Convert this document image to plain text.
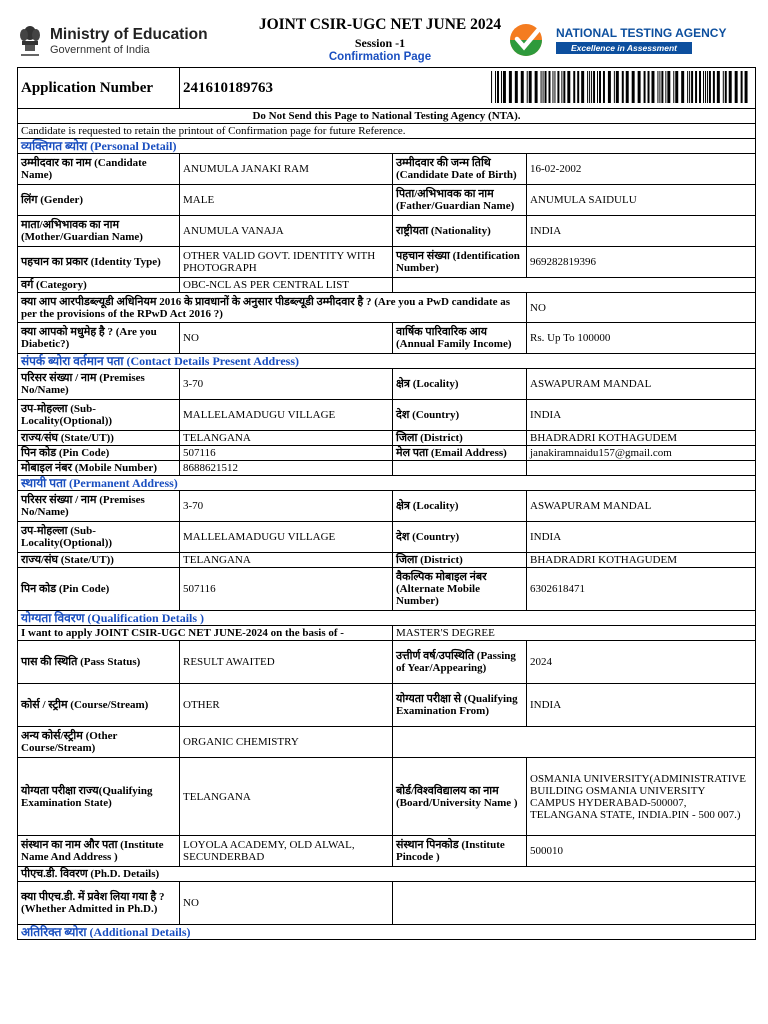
Ministry of Education
Government of India
JOINT CSIR-UGC NET JUNE 2024
Session -1
Confirmation Page
NATIONAL TESTING AGENCY
Excellence in Assessment
Application Number	241610189763	
Do Not Send this Page to National Testing Agency (NTA).			
Candidate is requested to retain the printout of Confirmation page for future Reference.			
व्यक्तिगत ब्योरा (Personal Detail)			
उम्मीदवार का नाम (Candidate Name)	ANUMULA JANAKI RAM	उम्मीदवार की जन्म तिथि (Candidate Date of Birth)	16-02-2002
लिंग (Gender)	MALE	पिता/अभिभावक का नाम (Father/Guardian Name)	ANUMULA SAIDULU
माता/अभिभावक का नाम (Mother/Guardian Name)	ANUMULA VANAJA	राष्ट्रीयता (Nationality)	INDIA
पहचान का प्रकार (Identity Type)	OTHER VALID GOVT. IDENTITY WITH PHOTOGRAPH	पहचान संख्या (Identification Number)	969282819396
वर्ग (Category)	OBC-NCL AS PER CENTRAL LIST		
क्या आप आरपीडब्ल्यूडी अधिनियम 2016 के प्रावधानों के अनुसार पीडब्ल्यूडी उम्मीदवार है ? (Are you a PwD candidate as per the provisions of the RPwD Act 2016 ?)			NO
क्या आपको मधुमेह है ? (Are you Diabetic?)	NO	वार्षिक पारिवारिक आय (Annual Family Income)	Rs. Up To 100000
संपर्क ब्योरा वर्तमान पता (Contact Details Present Address)			
परिसर संख्या / नाम (Premises No/Name)	3-70	क्षेत्र (Locality)	ASWAPURAM MANDAL
उप-मोहल्ला (Sub-Locality(Optional))	MALLELAMADUGU VILLAGE	देश (Country)	INDIA
राज्य/संघ (State/UT))	TELANGANA	जिला (District)	BHADRADRI KOTHAGUDEM
पिन कोड (Pin Code)	507116	मेल पता (Email Address)	janakiramnaidu157@gmail.com
मोबाइल नंबर (Mobile Number)	8688621512		
स्थायी पता (Permanent Address)			
परिसर संख्या / नाम (Premises No/Name)	3-70	क्षेत्र (Locality)	ASWAPURAM MANDAL
उप-मोहल्ला (Sub-Locality(Optional))	MALLELAMADUGU VILLAGE	देश (Country)	INDIA
राज्य/संघ (State/UT))	TELANGANA	जिला (District)	BHADRADRI KOTHAGUDEM
पिन कोड (Pin Code)	507116	वैकल्पिक मोबाइल नंबर (Alternate Mobile Number)	6302618471
योग्यता विवरण (Qualification Details )			
I want to apply JOINT CSIR-UGC NET JUNE-2024 on the basis of -		MASTER'S DEGREE	
पास की स्थिति (Pass Status)	RESULT AWAITED	उत्तीर्ण वर्ष/उपस्थिति (Passing of Year/Appearing)	2024
कोर्स / स्ट्रीम (Course/Stream)	OTHER	योग्यता परीक्षा से (Qualifying Examination From)	INDIA
अन्य कोर्स/स्ट्रीम (Other Course/Stream)	ORGANIC CHEMISTRY		
योग्यता परीक्षा राज्य(Qualifying Examination State)	TELANGANA	बोर्ड/विश्वविद्यालय का नाम (Board/University Name )	OSMANIA UNIVERSITY(ADMINISTRATIVE BUILDING OSMANIA UNIVERSITY CAMPUS HYDERABAD-500007, TELANGANA STATE, INDIA.PIN - 500 007.)
संस्थान का नाम और पता (Institute Name And Address )	LOYOLA ACADEMY, OLD ALWAL, SECUNDERBAD	संस्थान पिनकोड (Institute Pincode )	500010
पीएच.डी. विवरण (Ph.D. Details)			
क्या पीएच.डी. में प्रवेश लिया गया है ? (Whether Admitted in Ph.D.)	NO		
अतिरिक्त ब्योरा (Additional Details)			
